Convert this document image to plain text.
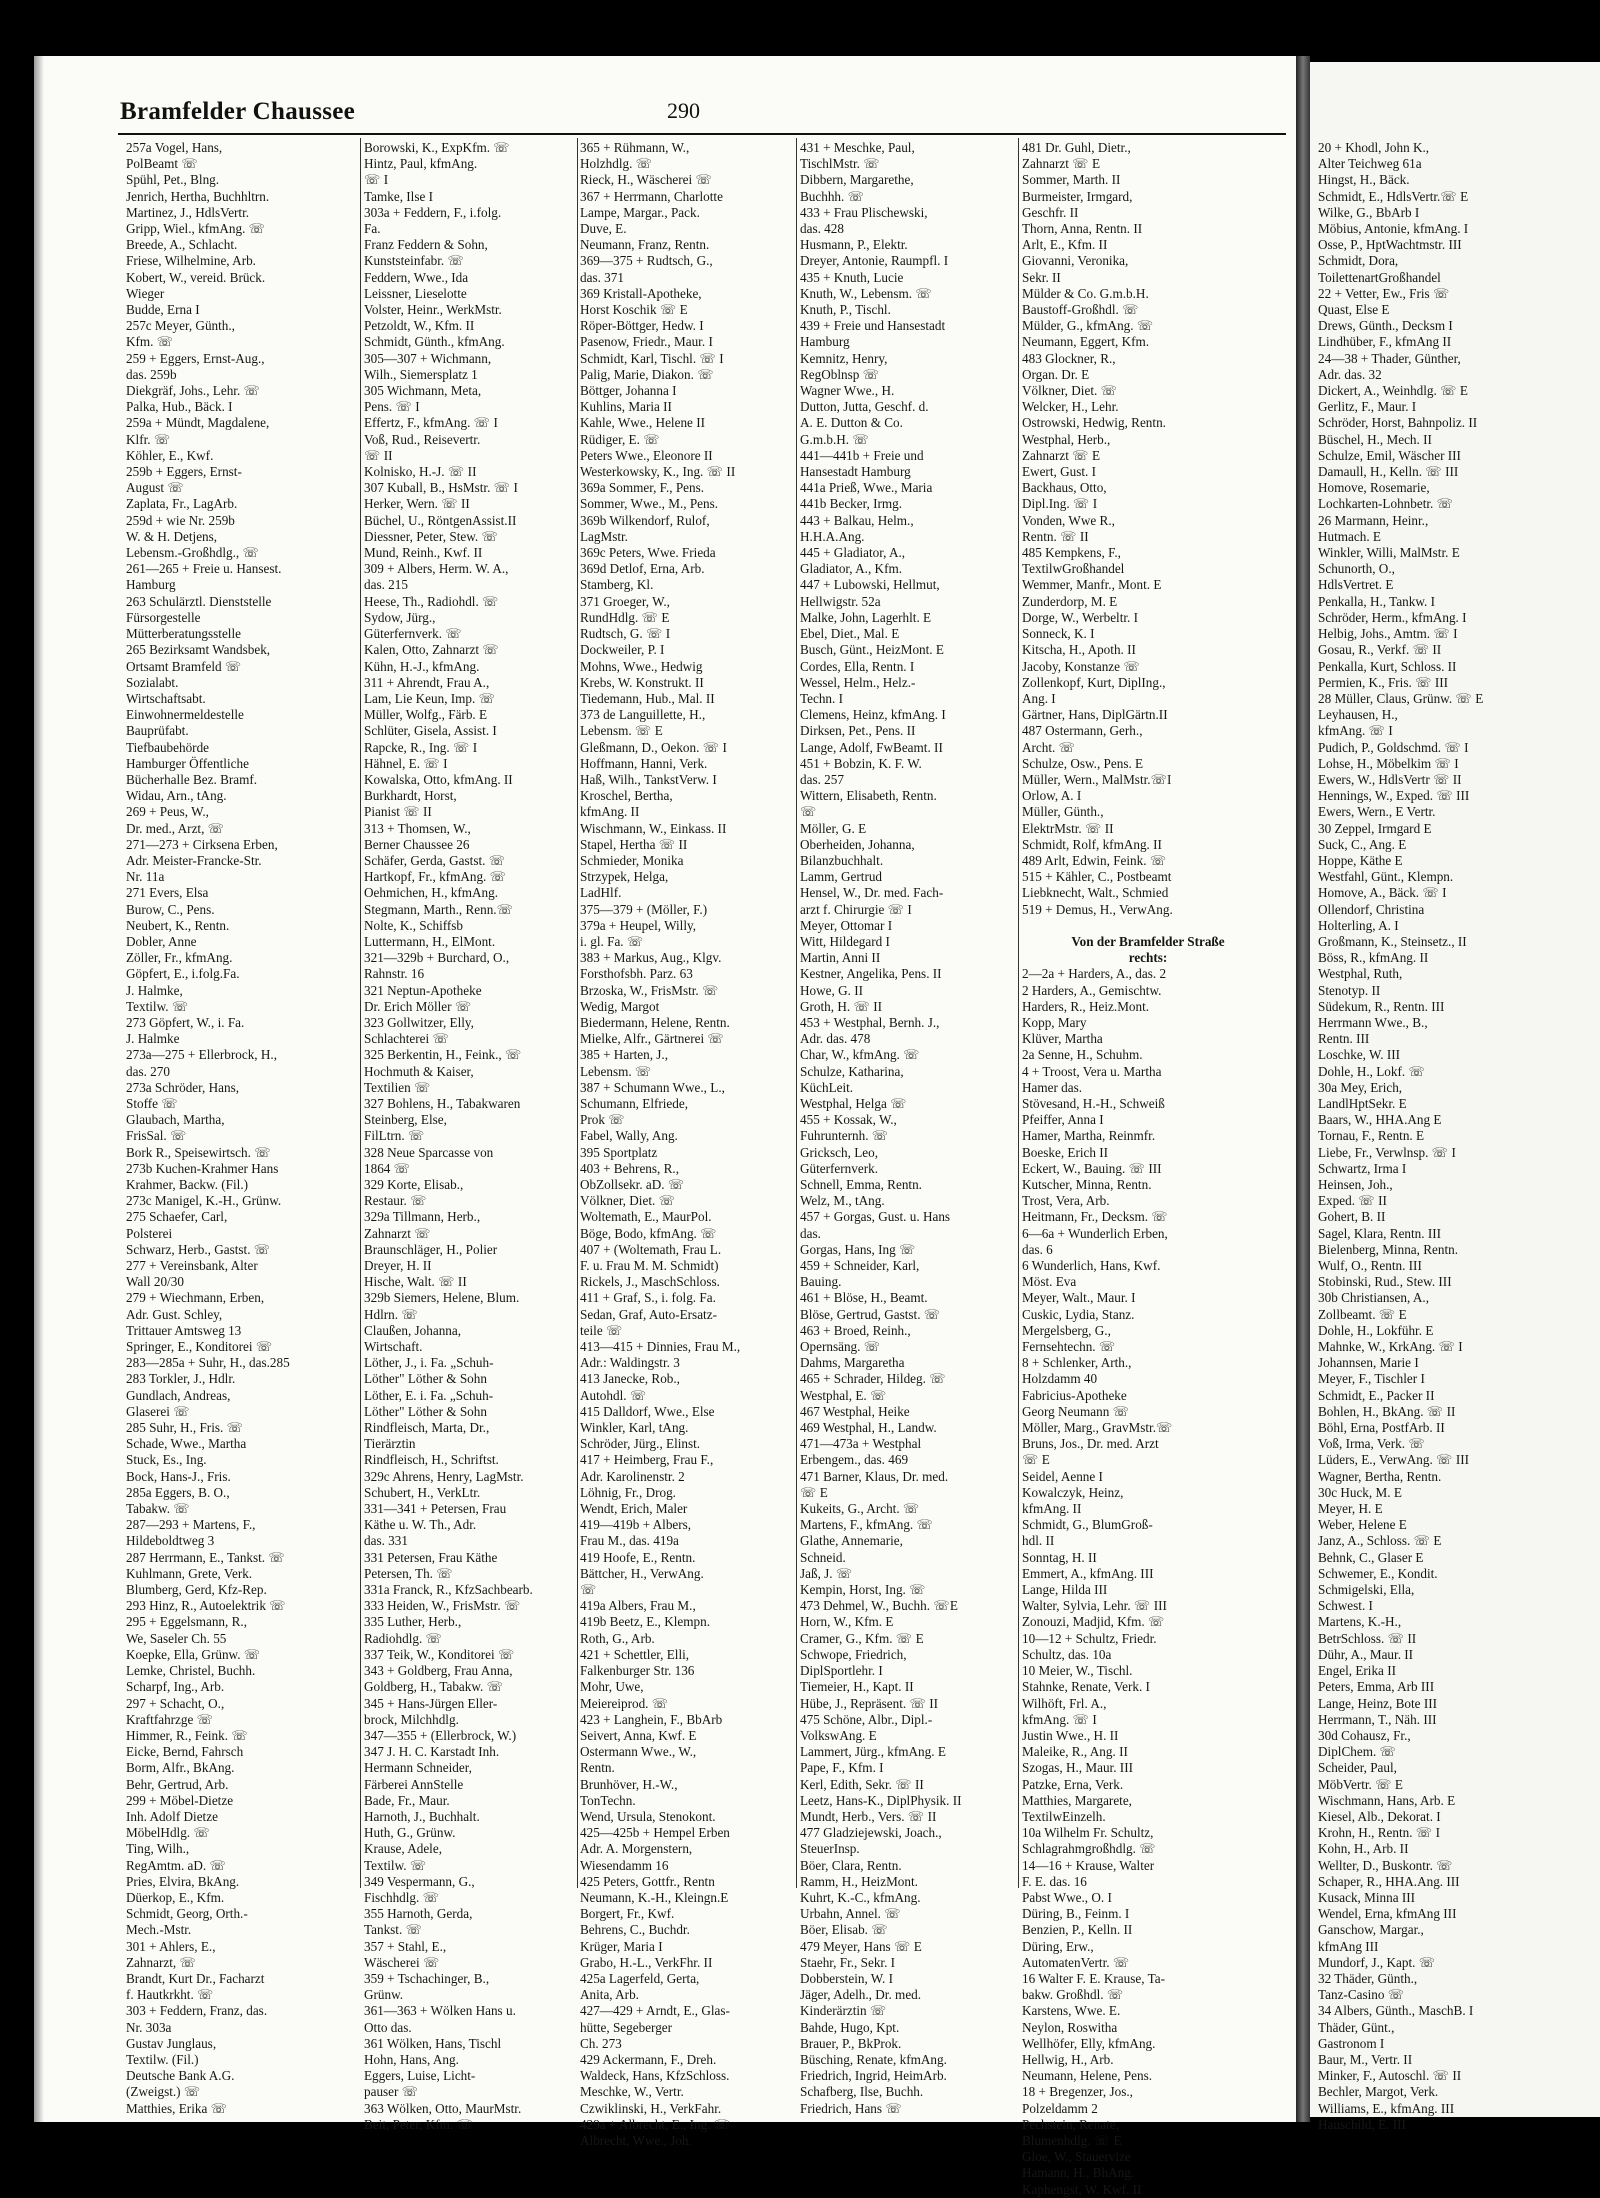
20 + Khodl, John K.,
Alter Teichweg 61a
Hingst, H., Bäck.
Schmidt, E., HdlsVertr.☏ E
Wilke, G., BbArb I
Möbius, Antonie, kfmAng. I
Osse, P., HptWachtmstr. III
Schmidt, Dora,
ToilettenartGroßhandel
22 + Vetter, Ew., Fris ☏
Quast, Else E
Drews, Günth., Decksm I
Lindhüber, F., kfmAng II
24—38 + Thader, Günther,
Adr. das. 32
Dickert, A., Weinhdlg. ☏ E
Gerlitz, F., Maur. I
Schröder, Horst, Bahnpoliz. II
Büschel, H., Mech. II
Schulze, Emil, Wäscher III
Damaull, H., Kelln. ☏ III
Homove, Rosemarie,
Lochkarten-Lohnbetr. ☏
26 Marmann, Heinr.,
Hutmach. E
Winkler, Willi, MalMstr. E
Schunorth, O.,
HdlsVertret. E
Penkalla, H., Tankw. I
Schröder, Herm., kfmAng. I
Helbig, Johs., Amtm. ☏ I
Gosau, R., Verkf. ☏ II
Penkalla, Kurt, Schloss. II
Permien, K., Fris. ☏ III
28 Müller, Claus, Grünw. ☏ E
Leyhausen, H.,
kfmAng. ☏ I
Pudich, P., Goldschmd. ☏ I
Lohse, H., Möbelkim ☏ I
Ewers, W., HdlsVertr ☏ II
Hennings, W., Exped. ☏ III
Ewers, Wern., E Vertr.
30 Zeppel, Irmgard E
Suck, C., Ang. E
Hoppe, Käthe E
Westfahl, Günt., Klempn.
Homove, A., Bäck. ☏ I
Ollendorf, Christina
Holterling, A. I
Großmann, K., Steinsetz., II
Böss, R., kfmAng. II
Westphal, Ruth,
Stenotyp. II
Südekum, R., Rentn. III
Herrmann Wwe., B.,
Rentn. III
Loschke, W. III
Dohle, H., Lokf. ☏
30a Mey, Erich,
LandlHptSekr. E
Baars, W., HHA.Ang E
Tornau, F., Rentn. E
Liebe, Fr., Verwlnsp. ☏ I
Schwartz, Irma I
Heinsen, Joh.,
Exped. ☏ II
Gohert, B. II
Sagel, Klara, Rentn. III
Bielenberg, Minna, Rentn.
Wulf, O., Rentn. III
Stobinski, Rud., Stew. III
30b Christiansen, A.,
Zollbeamt. ☏ E
Dohle, H., Lokführ. E
Mahnke, W., KrkAng. ☏ I
Johannsen, Marie I
Meyer, F., Tischler I
Schmidt, E., Packer II
Bohlen, H., BkAng. ☏ II
Böhl, Erna, PostfArb. II
Voß, Irma, Verk. ☏
Lüders, E., VerwAng. ☏ III
Wagner, Bertha, Rentn.
30c Huck, M. E
Meyer, H. E
Weber, Helene E
Janz, A., Schloss. ☏ E
Behnk, C., Glaser E
Schwemer, E., Kondit.
Schmigelski, Ella,
Schwest. I
Martens, K.-H.,
BetrSchloss. ☏ II
Dühr, A., Maur. II
Engel, Erika II
Peters, Emma, Arb III
Lange, Heinz, Bote III
Herrmann, T., Näh. III
30d Cohausz, Fr.,
DiplChem. ☏
Scheider, Paul,
MöbVertr. ☏ E
Wischmann, Hans, Arb. E
Kiesel, Alb., Dekorat. I
Krohn, H., Rentn. ☏ I
Kohn, H., Arb. II
Wellter, D., Buskontr. ☏
Schaper, R., HHA.Ang. III
Kusack, Minna III
Wendel, Erna, kfmAng III
Ganschow, Margar.,
kfmAng III
Mundorf, J., Kapt. ☏
32 Thäder, Günth.,
Tanz-Casino ☏
34 Albers, Günth., MaschB. I
Thäder, Günt.,
Gastronom I
Baur, M., Vertr. II
Minker, F., Autoschl. ☏ II
Bechler, Margot, Verk.
Williams, E., kfmAng. III
Hauschild, E. III
Bramfelder Chaussee	290
257a Vogel, Hans,
PolBeamt ☏
Spühl, Pet., Blng.
Jenrich, Hertha, Buchhltrn.
Martinez, J., HdlsVertr.
Gripp, Wiel., kfmAng. ☏
Breede, A., Schlacht.
Friese, Wilhelmine, Arb.
Kobert, W., vereid. Brück.
Wieger
Budde, Erna I
257c Meyer, Günth.,
Kfm. ☏
259 + Eggers, Ernst-Aug.,
das. 259b
Diekgräf, Johs., Lehr. ☏
Palka, Hub., Bäck. I
259a + Mündt, Magdalene,
Klfr. ☏
Köhler, E., Kwf.
259b + Eggers, Ernst-
August ☏
Zaplata, Fr., LagArb.
259d + wie Nr. 259b
W. & H. Detjens,
Lebensm.-Großhdlg., ☏
261—265 + Freie u. Hansest.
Hamburg
263 Schulärztl. Dienststelle
Fürsorgestelle
Mütterberatungsstelle
265 Bezirksamt Wandsbek,
Ortsamt Bramfeld ☏
Sozialabt.
Wirtschaftsabt.
Einwohnermeldestelle
Bauprüfabt.
Tiefbaubehörde
Hamburger Öffentliche
Bücherhalle Bez. Bramf.
Widau, Arn., tAng.
269 + Peus, W.,
Dr. med., Arzt, ☏
271—273 + Cirksena Erben,
Adr. Meister-Francke-Str.
Nr. 11a
271 Evers, Elsa
Burow, C., Pens.
Neubert, K., Rentn.
Dobler, Anne
Zöller, Fr., kfmAng.
Göpfert, E., i.folg.Fa.
J. Halmke,
Textilw. ☏
273 Göpfert, W., i. Fa.
J. Halmke
273a—275 + Ellerbrock, H.,
das. 270
273a Schröder, Hans,
Stoffe ☏
Glaubach, Martha,
FrisSal. ☏
Bork R., Speisewirtsch. ☏
273b Kuchen-Krahmer Hans
Krahmer, Backw. (Fil.)
273c Manigel, K.-H., Grünw.
275 Schaefer, Carl,
Polsterei
Schwarz, Herb., Gastst. ☏
277 + Vereinsbank, Alter
Wall 20/30
279 + Wiechmann, Erben,
Adr. Gust. Schley,
Trittauer Amtsweg 13
Springer, E., Konditorei ☏
283—285a + Suhr, H., das.285
283 Torkler, J., Hdlr.
Gundlach, Andreas,
Glaserei ☏
285 Suhr, H., Fris. ☏
Schade, Wwe., Martha
Stuck, Es., Ing.
Bock, Hans-J., Fris.
285a Eggers, B. O.,
Tabakw. ☏
287—293 + Martens, F.,
Hildeboldtweg 3
287 Herrmann, E., Tankst. ☏
Kuhlmann, Grete, Verk.
Blumberg, Gerd, Kfz-Rep.
293 Hinz, R., Autoelektrik ☏
295 + Eggelsmann, R.,
We, Saseler Ch. 55
Koepke, Ella, Grünw. ☏
Lemke, Christel, Buchh.
Scharpf, Ing., Arb.
297 + Schacht, O.,
Kraftfahrzge ☏
Himmer, R., Feink. ☏
Eicke, Bernd, Fahrsch
Borm, Alfr., BkAng.
Behr, Gertrud, Arb.
299 + Möbel-Dietze
Inh. Adolf Dietze
MöbelHdlg. ☏
Ting, Wilh.,
RegAmtm. aD. ☏
Pries, Elvira, BkAng.
Düerkop, E., Kfm.
Schmidt, Georg, Orth.-
Mech.-Mstr.
301 + Ahlers, E.,
Zahnarzt, ☏
Brandt, Kurt Dr., Facharzt
f. Hautkrkht. ☏
303 + Feddern, Franz, das.
Nr. 303a
Gustav Junglaus,
Textilw. (Fil.)
Deutsche Bank A.G.
(Zweigst.) ☏
Matthies, Erika ☏
Borowski, K., ExpKfm. ☏
Hintz, Paul, kfmAng.
☏ I
Tamke, Ilse I
303a + Feddern, F., i.folg.
Fa.
Franz Feddern & Sohn,
Kunststeinfabr. ☏
Feddern, Wwe., Ida
Leissner, Lieselotte
Volster, Heinr., WerkMstr.
Petzoldt, W., Kfm. II
Schmidt, Günth., kfmAng.
305—307 + Wichmann,
Wilh., Siemersplatz 1
305 Wichmann, Meta,
Pens. ☏ I
Effertz, F., kfmAng. ☏ I
Voß, Rud., Reisevertr.
☏ II
Kolnisko, H.-J. ☏ II
307 Kuball, B., HsMstr. ☏ I
Herker, Wern. ☏ II
Büchel, U., RöntgenAssist.II
Diessner, Peter, Stew. ☏
Mund, Reinh., Kwf. II
309 + Albers, Herm. W. A.,
das. 215
Heese, Th., Radiohdl. ☏
Sydow, Jürg.,
Güterfernverk. ☏
Kalen, Otto, Zahnarzt ☏
Kühn, H.-J., kfmAng.
311 + Ahrendt, Frau A.,
Lam, Lie Keun, Imp. ☏
Müller, Wolfg., Färb. E
Schlüter, Gisela, Assist. I
Rapcke, R., Ing. ☏ I
Hähnel, E. ☏ I
Kowalska, Otto, kfmAng. II
Burkhardt, Horst,
Pianist ☏ II
313 + Thomsen, W.,
Berner Chaussee 26
Schäfer, Gerda, Gastst. ☏
Hartkopf, Fr., kfmAng. ☏
Oehmichen, H., kfmAng.
Stegmann, Marth., Renn.☏
Nolte, K., Schiffsb
Luttermann, H., ElMont.
321—329b + Burchard, O.,
Rahnstr. 16
321 Neptun-Apotheke
Dr. Erich Möller ☏
323 Gollwitzer, Elly,
Schlachterei ☏
325 Berkentin, H., Feink., ☏
Hochmuth & Kaiser,
Textilien ☏
327 Bohlens, H., Tabakwaren
Steinberg, Else,
FilLtrn. ☏
328 Neue Sparcasse von
1864 ☏
329 Korte, Elisab.,
Restaur. ☏
329a Tillmann, Herb.,
Zahnarzt ☏
Braunschläger, H., Polier
Dreyer, H. II
Hische, Walt. ☏ II
329b Siemers, Helene, Blum.
Hdlrn. ☏
Claußen, Johanna,
Wirtschaft.
Löther, J., i. Fa. „Schuh-
Löther" Löther & Sohn
Löther, E. i. Fa. „Schuh-
Löther" Löther & Sohn
Rindfleisch, Marta, Dr.,
Tierärztin
Rindfleisch, H., Schriftst.
329c Ahrens, Henry, LagMstr.
Schubert, H., VerkLtr.
331—341 + Petersen, Frau
Käthe u. W. Th., Adr.
das. 331
331 Petersen, Frau Käthe
Petersen, Th. ☏
331a Franck, R., KfzSachbearb.
333 Heiden, W., FrisMstr. ☏
335 Luther, Herb.,
Radiohdlg. ☏
337 Teik, W., Konditorei ☏
343 + Goldberg, Frau Anna,
Goldberg, H., Tabakw. ☏
345 + Hans-Jürgen Eller-
brock, Milchhdlg.
347—355 + (Ellerbrock, W.)
347 J. H. C. Karstadt Inh.
Hermann Schneider,
Färberei AnnStelle
Bade, Fr., Maur.
Harnoth, J., Buchhalt.
Huth, G., Grünw.
Krause, Adele,
Textilw. ☏
349 Vespermann, G.,
Fischhdlg. ☏
355 Harnoth, Gerda,
Tankst. ☏
357 + Stahl, E.,
Wäscherei ☏
359 + Tschachinger, B.,
Grünw.
361—363 + Wölken Hans u.
Otto das.
361 Wölken, Hans, Tischl
Hohn, Hans, Ang.
Eggers, Luise, Licht-
pauser ☏
363 Wölken, Otto, MaurMstr.
Beit, Peter, Kfm. ☏
365 + Rühmann, W.,
Holzhdlg. ☏
Rieck, H., Wäscherei ☏
367 + Herrmann, Charlotte
Lampe, Margar., Pack.
Duve, E.
Neumann, Franz, Rentn.
369—375 + Rudtsch, G.,
das. 371
369 Kristall-Apotheke,
Horst Koschik ☏ E
Röper-Böttger, Hedw. I
Pasenow, Friedr., Maur. I
Schmidt, Karl, Tischl. ☏ I
Palig, Marie, Diakon. ☏
Böttger, Johanna I
Kuhlins, Maria II
Kahle, Wwe., Helene II
Rüdiger, E. ☏
Peters Wwe., Eleonore II
Westerkowsky, K., Ing. ☏ II
369a Sommer, F., Pens.
Sommer, Wwe., M., Pens.
369b Wilkendorf, Rulof,
LagMstr.
369c Peters, Wwe. Frieda
369d Detlof, Erna, Arb.
Stamberg, Kl.
371 Groeger, W.,
RundHdlg. ☏ E
Rudtsch, G. ☏ I
Dockweiler, P. I
Mohns, Wwe., Hedwig
Krebs, W. Konstrukt. II
Tiedemann, Hub., Mal. II
373 de Languillette, H.,
Lebensm. ☏ E
Gleßmann, D., Oekon. ☏ I
Hoffmann, Hanni, Verk.
Haß, Wilh., TankstVerw. I
Kroschel, Bertha,
kfmAng. II
Wischmann, W., Einkass. II
Stapel, Hertha ☏ II
Schmieder, Monika
Strzypek, Helga,
LadHlf.
375—379 + (Möller, F.)
379a + Heupel, Willy,
i. gl. Fa. ☏
383 + Markus, Aug., Klgv.
Forsthofsbh. Parz. 63
Brzoska, W., FrisMstr. ☏
Wedig, Margot
Biedermann, Helene, Rentn.
Mielke, Alfr., Gärtnerei ☏
385 + Harten, J.,
Lebensm. ☏
387 + Schumann Wwe., L.,
Schumann, Elfriede,
Prok ☏
Fabel, Wally, Ang.
395 Sportplatz
403 + Behrens, R.,
ObZollsekr. aD. ☏
Völkner, Diet. ☏
Woltemath, E., MaurPol.
Böge, Bodo, kfmAng. ☏
407 + (Woltemath, Frau L.
F. u. Frau M. M. Schmidt)
Rickels, J., MaschSchloss.
411 + Graf, S., i. folg. Fa.
Sedan, Graf, Auto-Ersatz-
teile ☏
413—415 + Dinnies, Frau M.,
Adr.: Waldingstr. 3
413 Janecke, Rob.,
Autohdl. ☏
415 Dalldorf, Wwe., Else
Winkler, Karl, tAng.
Schröder, Jürg., Elinst.
417 + Heimberg, Frau F.,
Adr. Karolinenstr. 2
Löhnig, Fr., Drog.
Wendt, Erich, Maler
419—419b + Albers,
Frau M., das. 419a
419 Hoofe, E., Rentn.
Bättcher, H., VerwAng.
☏
419a Albers, Frau M.,
419b Beetz, E., Klempn.
Roth, G., Arb.
421 + Schettler, Elli,
Falkenburger Str. 136
Mohr, Uwe,
Meiereiprod. ☏
423 + Langhein, F., BbArb
Seivert, Anna, Kwf. E
Ostermann Wwe., W.,
Rentn.
Brunhöver, H.-W.,
TonTechn.
Wend, Ursula, Stenokont.
425—425b + Hempel Erben
Adr. A. Morgenstern,
Wiesendamm 16
425 Peters, Gottfr., Rentn
Neumann, K.-H., Kleingn.E
Borgert, Fr., Kwf.
Behrens, C., Buchdr.
Krüger, Maria I
Grabo, H.-L., VerkFhr. II
425a Lagerfeld, Gerta,
Anita, Arb.
427—429 + Arndt, E., Glas-
hütte, Segeberger
Ch. 273
429 Ackermann, F., Dreh.
Waldeck, Hans, KfzSchloss.
Meschke, W., Vertr.
Czwiklinski, H., VerkFahr.
429a + Albrecht, E., Ing. ☏
Albrecht, Wwe., Joh.
431 + Meschke, Paul,
TischlMstr. ☏
Dibbern, Margarethe,
Buchhh. ☏
433 + Frau Plischewski,
das. 428
Husmann, P., Elektr.
Dreyer, Antonie, Raumpfl. I
435 + Knuth, Lucie
Knuth, W., Lebensm. ☏
Knuth, P., Tischl.
439 + Freie und Hansestadt
Hamburg
Kemnitz, Henry,
RegOblnsp ☏
Wagner Wwe., H.
Dutton, Jutta, Geschf. d.
A. E. Dutton & Co.
G.m.b.H. ☏
441—441b + Freie und
Hansestadt Hamburg
441a Prieß, Wwe., Maria
441b Becker, Irmg.
443 + Balkau, Helm.,
H.H.A.Ang.
445 + Gladiator, A.,
Gladiator, A., Kfm.
447 + Lubowski, Hellmut,
Hellwigstr. 52a
Malke, John, Lagerhlt. E
Ebel, Diet., Mal. E
Busch, Günt., HeizMont. E
Cordes, Ella, Rentn. I
Wessel, Helm., Helz.-
Techn. I
Clemens, Heinz, kfmAng. I
Dirksen, Pet., Pens. II
Lange, Adolf, FwBeamt. II
451 + Bobzin, K. F. W.
das. 257
Wittern, Elisabeth, Rentn.
☏
Möller, G. E
Oberheiden, Johanna,
Bilanzbuchhalt.
Lamm, Gertrud
Hensel, W., Dr. med. Fach-
arzt f. Chirurgie ☏ I
Meyer, Ottomar I
Witt, Hildegard I
Martin, Anni II
Kestner, Angelika, Pens. II
Howe, G. II
Groth, H. ☏ II
453 + Westphal, Bernh. J.,
Adr. das. 478
Char, W., kfmAng. ☏
Schulze, Katharina,
KüchLeit.
Westphal, Helga ☏
455 + Kossak, W.,
Fuhrunternh. ☏
Gricksch, Leo,
Güterfernverk.
Schnell, Emma, Rentn.
Welz, M., tAng.
457 + Gorgas, Gust. u. Hans
das.
Gorgas, Hans, Ing ☏
459 + Schneider, Karl,
Bauing.
461 + Blöse, H., Beamt.
Blöse, Gertrud, Gastst. ☏
463 + Broed, Reinh.,
Opernsäng. ☏
Dahms, Margaretha
465 + Schrader, Hildeg. ☏
Westphal, E. ☏
467 Westphal, Heike
469 Westphal, H., Landw.
471—473a + Westphal
Erbengem., das. 469
471 Barner, Klaus, Dr. med.
☏ E
Kukeits, G., Archt. ☏
Martens, F., kfmAng. ☏
Glathe, Annemarie,
Schneid.
Jaß, J. ☏
Kempin, Horst, Ing. ☏
473 Dehmel, W., Buchh. ☏E
Horn, W., Kfm. E
Cramer, G., Kfm. ☏ E
Schwope, Friedrich,
DiplSportlehr. I
Tiemeier, H., Kapt. II
Hübe, J., Repräsent. ☏ II
475 Schöne, Albr., Dipl.-
VolkswAng. E
Lammert, Jürg., kfmAng. E
Pape, F., Kfm. I
Kerl, Edith, Sekr. ☏ II
Leetz, Hans-K., DiplPhysik. II
Mundt, Herb., Vers. ☏ II
477 Gladziejewski, Joach.,
SteuerInsp.
Böer, Clara, Rentn.
Ramm, H., HeizMont.
Kuhrt, K.-C., kfmAng.
Urbahn, Annel. ☏
Böer, Elisab. ☏
479 Meyer, Hans ☏ E
Staehr, Fr., Sekr. I
Dobberstein, W. I
Jäger, Adelh., Dr. med.
Kinderärztin ☏
Bahde, Hugo, Kpt.
Brauer, P., BkProk.
Büsching, Renate, kfmAng.
Friedrich, Ingrid, HeimArb.
Schafberg, Ilse, Buchh.
Friedrich, Hans ☏
481 Dr. Guhl, Dietr.,
Zahnarzt ☏ E
Sommer, Marth. II
Burmeister, Irmgard,
Geschfr. II
Thorn, Anna, Rentn. II
Arlt, E., Kfm. II
Giovanni, Veronika,
Sekr. II
Mülder & Co. G.m.b.H.
Baustoff-Großhdl. ☏
Mülder, G., kfmAng. ☏
Neumann, Eggert, Kfm.
483 Glockner, R.,
Organ. Dr. E
Völkner, Diet. ☏
Welcker, H., Lehr.
Ostrowski, Hedwig, Rentn.
Westphal, Herb.,
Zahnarzt ☏ E
Ewert, Gust. I
Backhaus, Otto,
Dipl.Ing. ☏ I
Vonden, Wwe R.,
Rentn. ☏ II
485 Kempkens, F.,
TextilwGroßhandel
Wemmer, Manfr., Mont. E
Zunderdorp, M. E
Dorge, W., Werbeltr. I
Sonneck, K. I
Kitscha, H., Apoth. II
Jacoby, Konstanze ☏
Zollenkopf, Kurt, DiplIng.,
Ang. I
Gärtner, Hans, DiplGärtn.II
487 Ostermann, Gerh.,
Archt. ☏
Schulze, Osw., Pens. E
Müller, Wern., MalMstr.☏I
Orlow, A. I
Müller, Günth.,
ElektrMstr. ☏ II
Schmidt, Rolf, kfmAng. II
489 Arlt, Edwin, Feink. ☏
515 + Kähler, C., Postbeamt
Liebknecht, Walt., Schmied
519 + Demus, H., VerwAng.

Von der Bramfelder Straße
rechts:
2—2a + Harders, A., das. 2
2 Harders, A., Gemischtw.
Harders, R., Heiz.Mont.
Kopp, Mary
Klüver, Martha
2a Senne, H., Schuhm.
4 + Troost, Vera u. Martha
Hamer das.
Stövesand, H.-H., Schweiß
Pfeiffer, Anna I
Hamer, Martha, Reinmfr.
Boeske, Erich II
Eckert, W., Bauing. ☏ III
Kutscher, Minna, Rentn.
Trost, Vera, Arb.
Heitmann, Fr., Decksm. ☏
6—6a + Wunderlich Erben,
das. 6
6 Wunderlich, Hans, Kwf.
Möst. Eva
Meyer, Walt., Maur. I
Cuskic, Lydia, Stanz.
Mergelsberg, G.,
Fernsehtechn. ☏
8 + Schlenker, Arth.,
Holzdamm 40
Fabricius-Apotheke
Georg Neumann ☏
Möller, Marg., GravMstr.☏
Bruns, Jos., Dr. med. Arzt
☏ E
Seidel, Aenne I
Kowalczyk, Heinz,
kfmAng. II
Schmidt, G., BlumGroß-
hdl. II
Sonntag, H. II
Emmert, A., kfmAng. III
Lange, Hilda III
Walter, Sylvia, Lehr. ☏ III
Zonouzi, Madjid, Kfm. ☏
10—12 + Schultz, Friedr.
Schultz, das. 10a
10 Meier, W., Tischl.
Stahnke, Renate, Verk. I
Wilhöft, Frl. A.,
kfmAng. ☏ I
Justin Wwe., H. II
Maleike, R., Ang. II
Szogas, H., Maur. III
Patzke, Erna, Verk.
Matthies, Margarete,
TextilwEinzelh.
10a Wilhelm Fr. Schultz,
Schlagrahmgroßhdlg. ☏
14—16 + Krause, Walter
F. E. das. 16
Pabst Wwe., O. I
Düring, B., Feinm. I
Benzien, P., Kelln. II
Düring, Erw.,
AutomatenVertr. ☏
16 Walter F. E. Krause, Ta-
bakw. Großhdl. ☏
Karstens, Wwe. E.
Neylon, Roswitha
Wellhöfer, Elly, kfmAng.
Hellwig, H., Arb.
Neumann, Helene, Pens.
18 + Bregenzer, Jos.,
Polzeldamm 2
Pechstein, Renate,
Blumenhdlg. ☏ E
Gloe, W., Stauervize
Hamann, H., BhAng.
Kaphengst, W. Kwf. II
